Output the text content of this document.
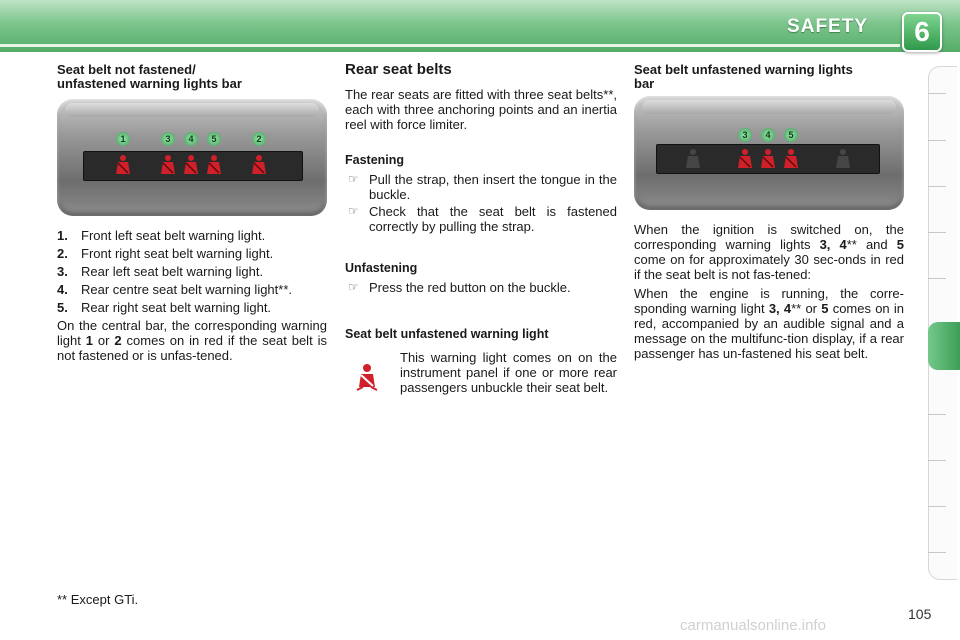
SAFETY	6
Seat belt not fastened/
unfastened warning lights bar
1	3	4	5	2
1. Front left seat belt warning light.
2. Front right seat belt warning light.
3. Rear left seat belt warning light.
4. Rear centre seat belt warning light**.
5. Rear right seat belt warning light.
On the central bar, the corresponding warning light 1 or 2 comes on in red if the seat belt is not fastened or is unfas-tened.
Rear seat belts
The rear seats are fitted with three seat belts**, each with three anchoring points and an inertia reel with force limiter.
Fastening
☞ Pull the strap, then insert the tongue in the buckle.
☞ Check that the seat belt is fastened correctly by pulling the strap.
Unfastening
☞ Press the red button on the buckle.
Seat belt unfastened warning light
This warning light comes on on the instrument panel if one or more rear passengers unbuckle their seat belt.
Seat belt unfastened warning lights
bar
3	4	5
When the ignition is switched on, the corresponding warning lights 3, 4** and 5 come on for approximately 30 sec-onds in red if the seat belt is not fas-tened:
When the engine is running, the corre-sponding warning light 3, 4** or 5 comes on in red, accompanied by an audible signal and a message on the multifunc-tion display, if a rear passenger has un-fastened his seat belt.
** Except GTi.
105
carmanualsonline.info
